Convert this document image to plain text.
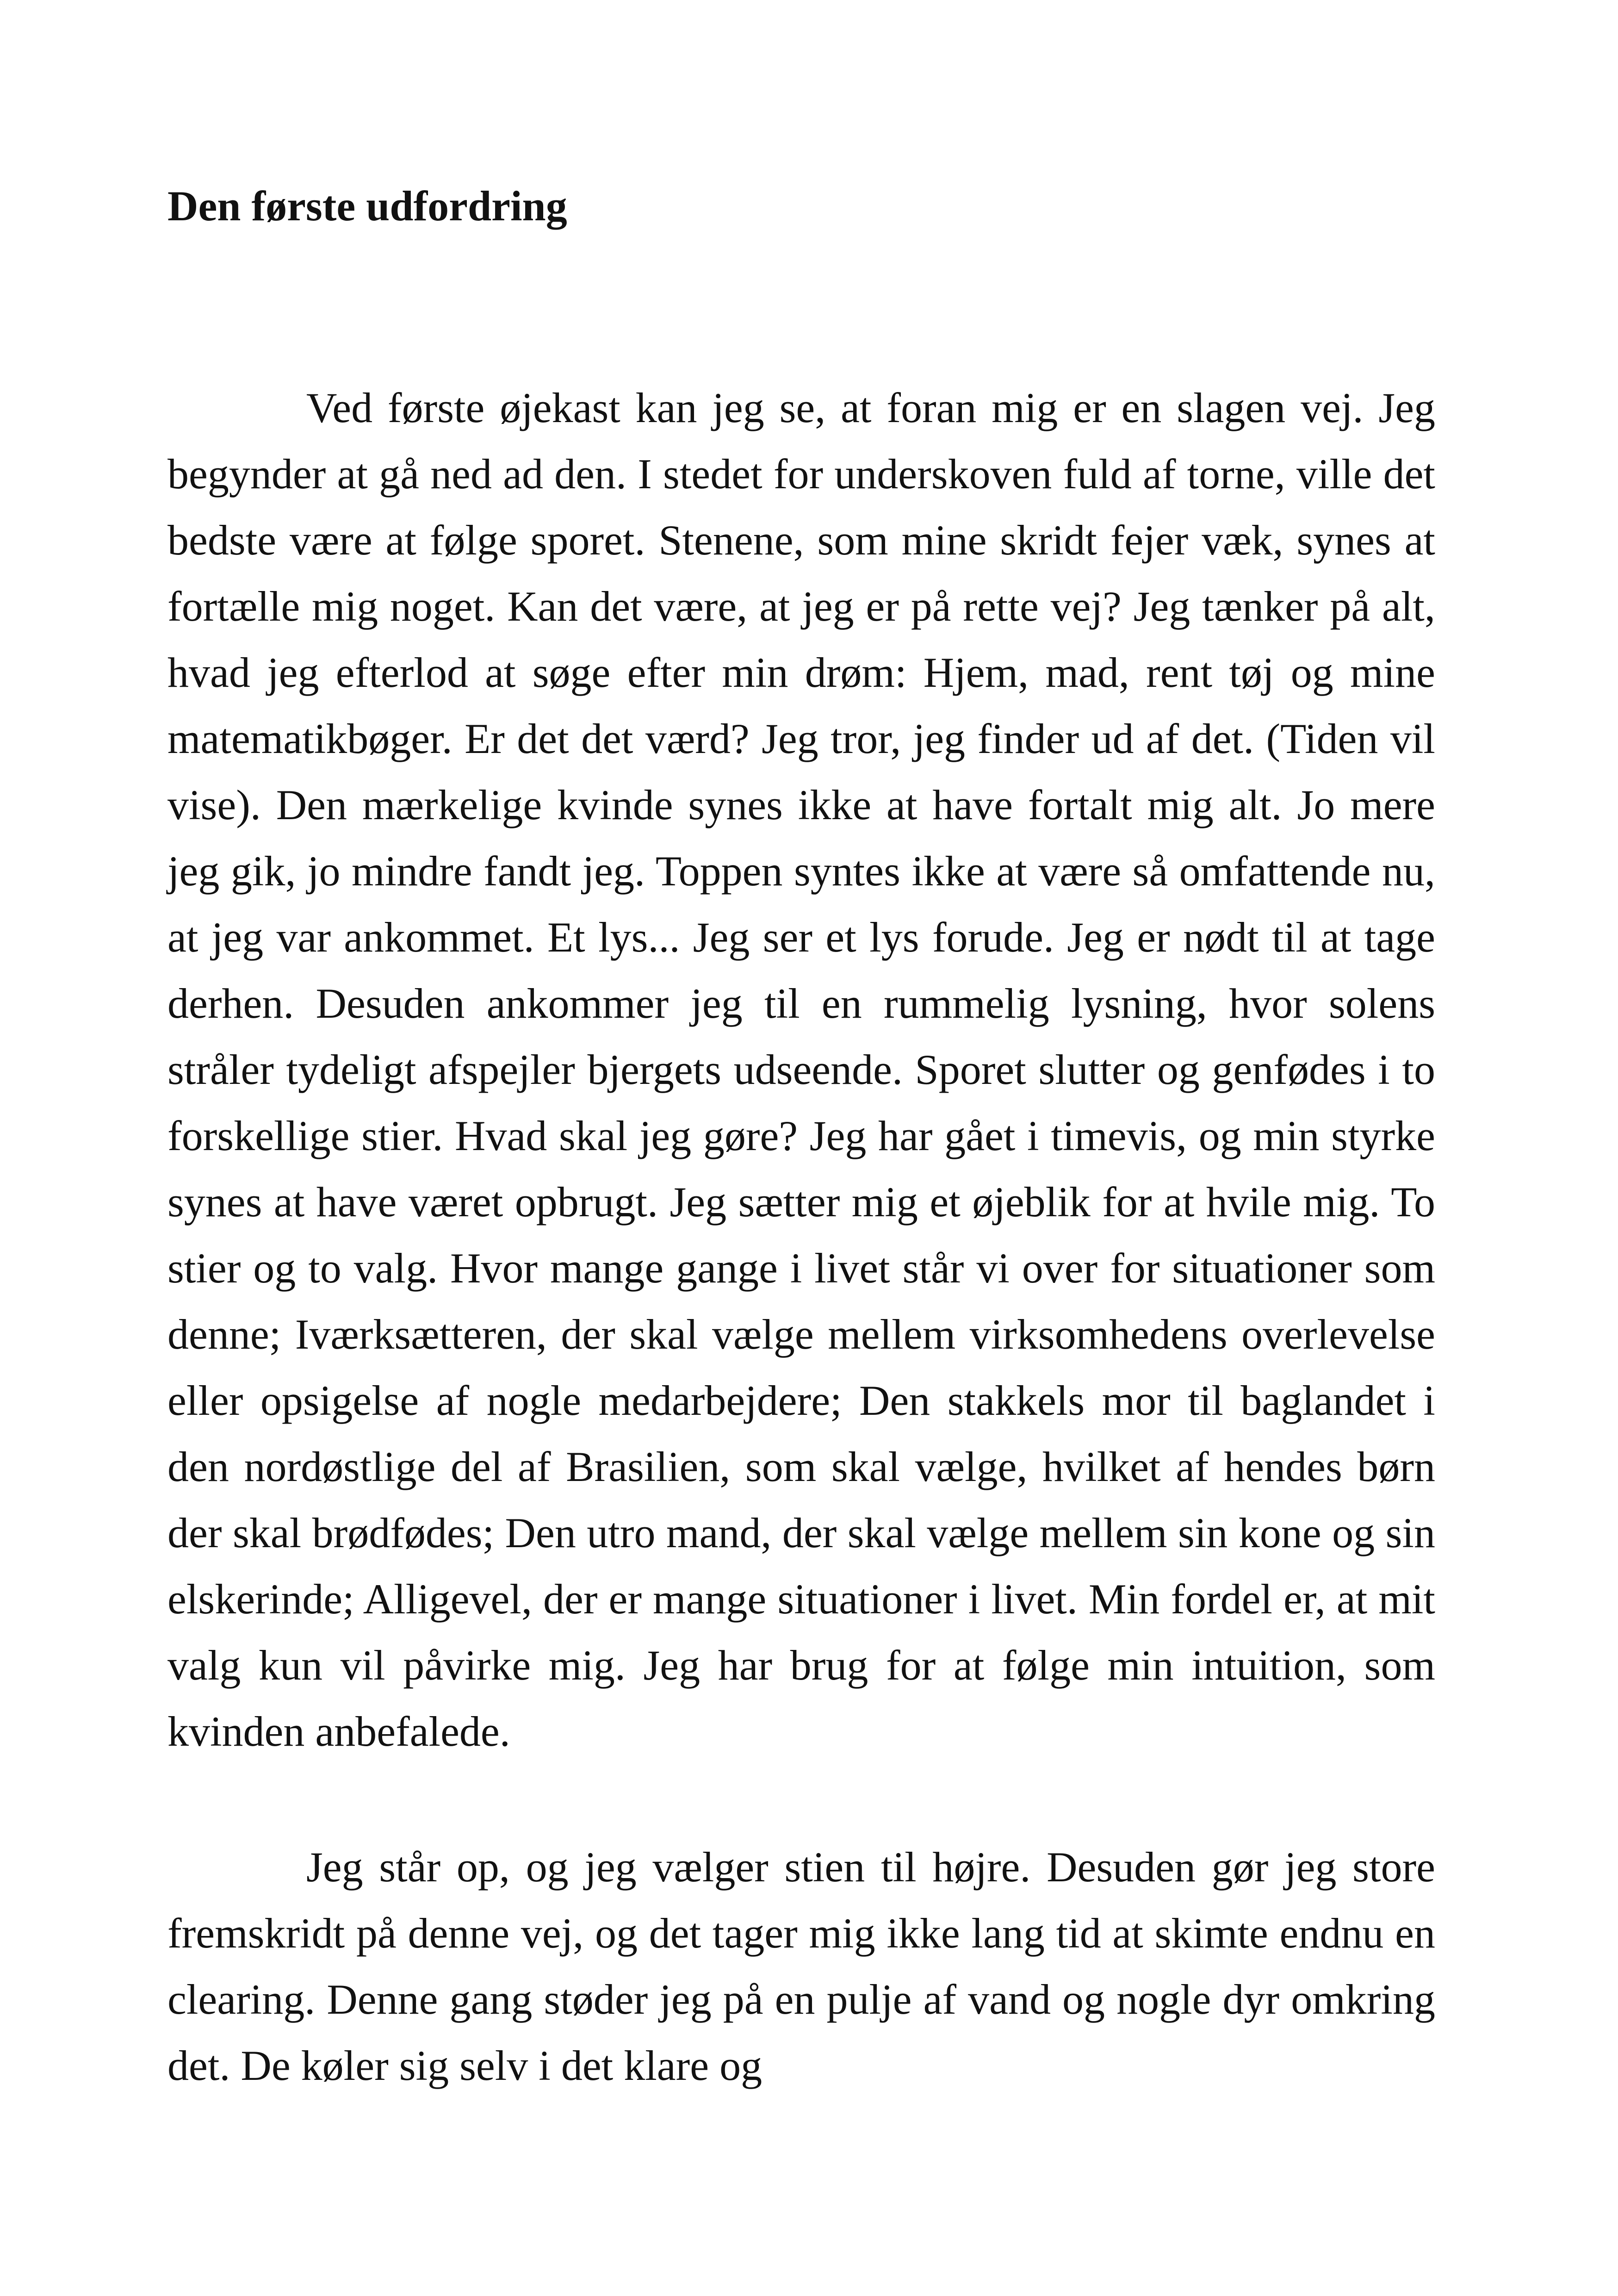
Den første udfordring

Ved første øjekast kan jeg se, at foran mig er en slagen vej. Jeg begynder at gå ned ad den. I stedet for underskoven fuld af torne, ville det bedste være at følge sporet. Stenene, som mine skridt fejer væk, synes at fortælle mig noget. Kan det være, at jeg er på rette vej? Jeg tænker på alt, hvad jeg efterlod at søge efter min drøm: Hjem, mad, rent tøj og mine matematikbøger. Er det det værd? Jeg tror, jeg finder ud af det. (Tiden vil vise). Den mærkelige kvinde synes ikke at have fortalt mig alt. Jo mere jeg gik, jo mindre fandt jeg. Toppen syntes ikke at være så omfattende nu, at jeg var ankommet. Et lys... Jeg ser et lys forude. Jeg er nødt til at tage derhen. Desuden ankommer jeg til en rummelig lysning, hvor solens stråler tydeligt afspejler bjergets udseende. Sporet slutter og genfødes i to forskellige stier. Hvad skal jeg gøre? Jeg har gået i timevis, og min styrke synes at have været opbrugt. Jeg sætter mig et øjeblik for at hvile mig. To stier og to valg. Hvor mange gange i livet står vi over for situationer som denne; Iværksætteren, der skal vælge mellem virksomhedens overlevelse eller opsigelse af nogle medarbejdere; Den stakkels mor til baglandet i den nordøstlige del af Brasilien, som skal vælge, hvilket af hendes børn der skal brødfødes; Den utro mand, der skal vælge mellem sin kone og sin elskerinde; Alligevel, der er mange situationer i livet. Min fordel er, at mit valg kun vil påvirke mig. Jeg har brug for at følge min intuition, som kvinden anbefalede.

Jeg står op, og jeg vælger stien til højre. Desuden gør jeg store fremskridt på denne vej, og det tager mig ikke lang tid at skimte endnu en clearing. Denne gang støder jeg på en pulje af vand og nogle dyr omkring det. De køler sig selv i det klare og
